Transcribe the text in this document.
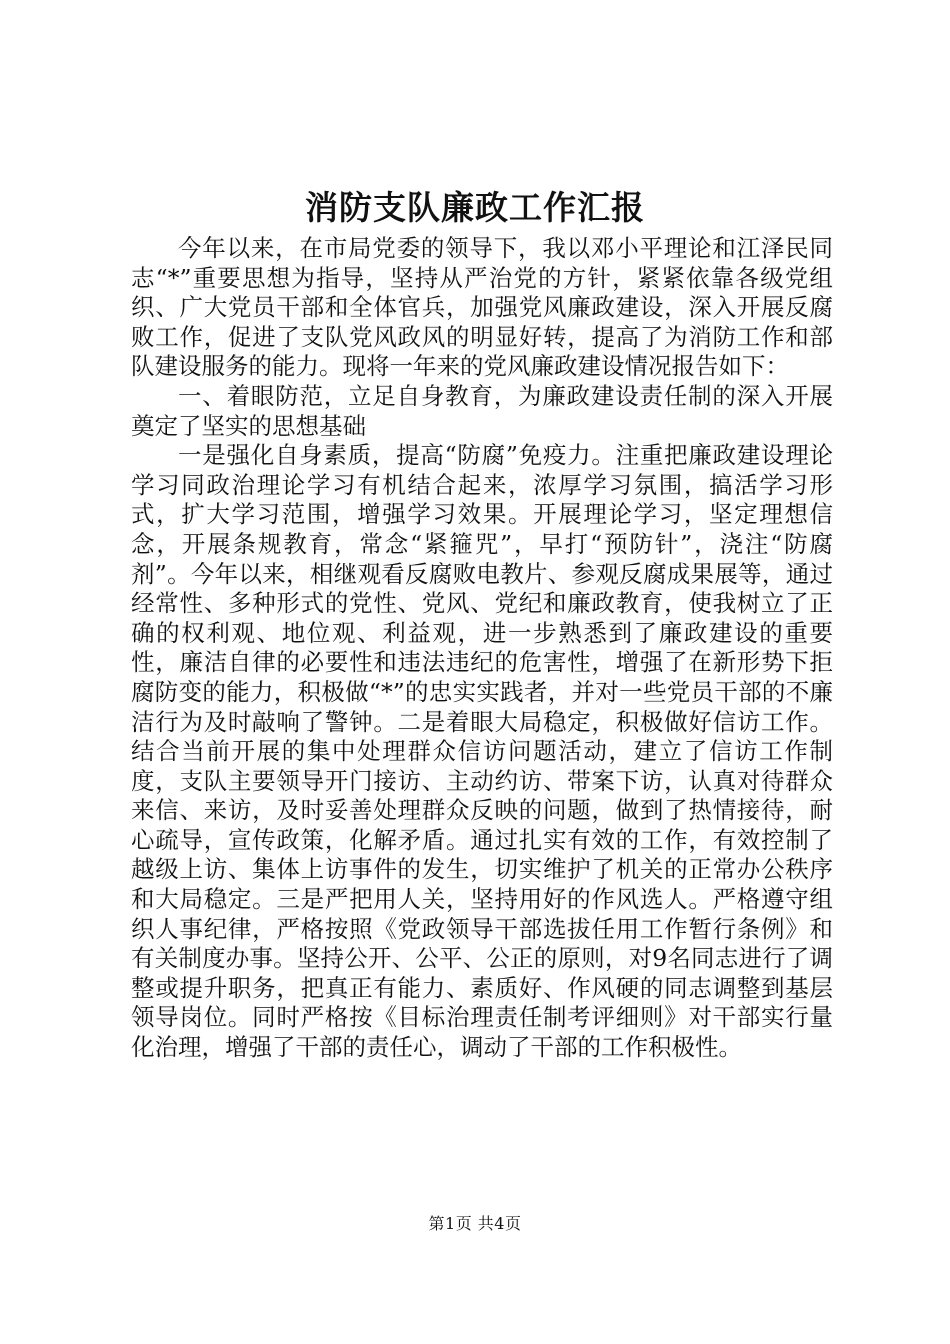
消防支队廉政工作汇报

今年以来，在市局党委的领导下，我以邓小平理论和江泽民同志“*”重要思想为指导，坚持从严治党的方针，紧紧依靠各级党组织、广大党员干部和全体官兵，加强党风廉政建设，深入开展反腐败工作，促进了支队党风政风的明显好转，提高了为消防工作和部队建设服务的能力。现将一年来的党风廉政建设情况报告如下：

一、着眼防范，立足自身教育，为廉政建设责任制的深入开展奠定了坚实的思想基础

一是强化自身素质，提高“防腐”免疫力。注重把廉政建设理论学习同政治理论学习有机结合起来，浓厚学习氛围，搞活学习形式，扩大学习范围，增强学习效果。开展理论学习，坚定理想信念，开展条规教育，常念“紧箍咒”，早打“预防针”，浇注“防腐剂”。今年以来，相继观看反腐败电教片、参观反腐成果展等，通过经常性、多种形式的党性、党风、党纪和廉政教育，使我树立了正确的权利观、地位观、利益观，进一步熟悉到了廉政建设的重要性，廉洁自律的必要性和违法违纪的危害性，增强了在新形势下拒腐防变的能力，积极做“*”的忠实实践者，并对一些党员干部的不廉洁行为及时敲响了警钟。二是着眼大局稳定，积极做好信访工作。结合当前开展的集中处理群众信访问题活动，建立了信访工作制度，支队主要领导开门接访、主动约访、带案下访，认真对待群众来信、来访，及时妥善处理群众反映的问题，做到了热情接待，耐心疏导，宣传政策，化解矛盾。通过扎实有效的工作，有效控制了越级上访、集体上访事件的发生，切实维护了机关的正常办公秩序和大局稳定。三是严把用人关，坚持用好的作风选人。严格遵守组织人事纪律，严格按照《党政领导干部选拔任用工作暂行条例》和有关制度办事。坚持公开、公平、公正的原则，对9名同志进行了调整或提升职务，把真正有能力、素质好、作风硬的同志调整到基层领导岗位。同时严格按《目标治理责任制考评细则》对干部实行量化治理，增强了干部的责任心，调动了干部的工作积极性。

第1页 共4页
